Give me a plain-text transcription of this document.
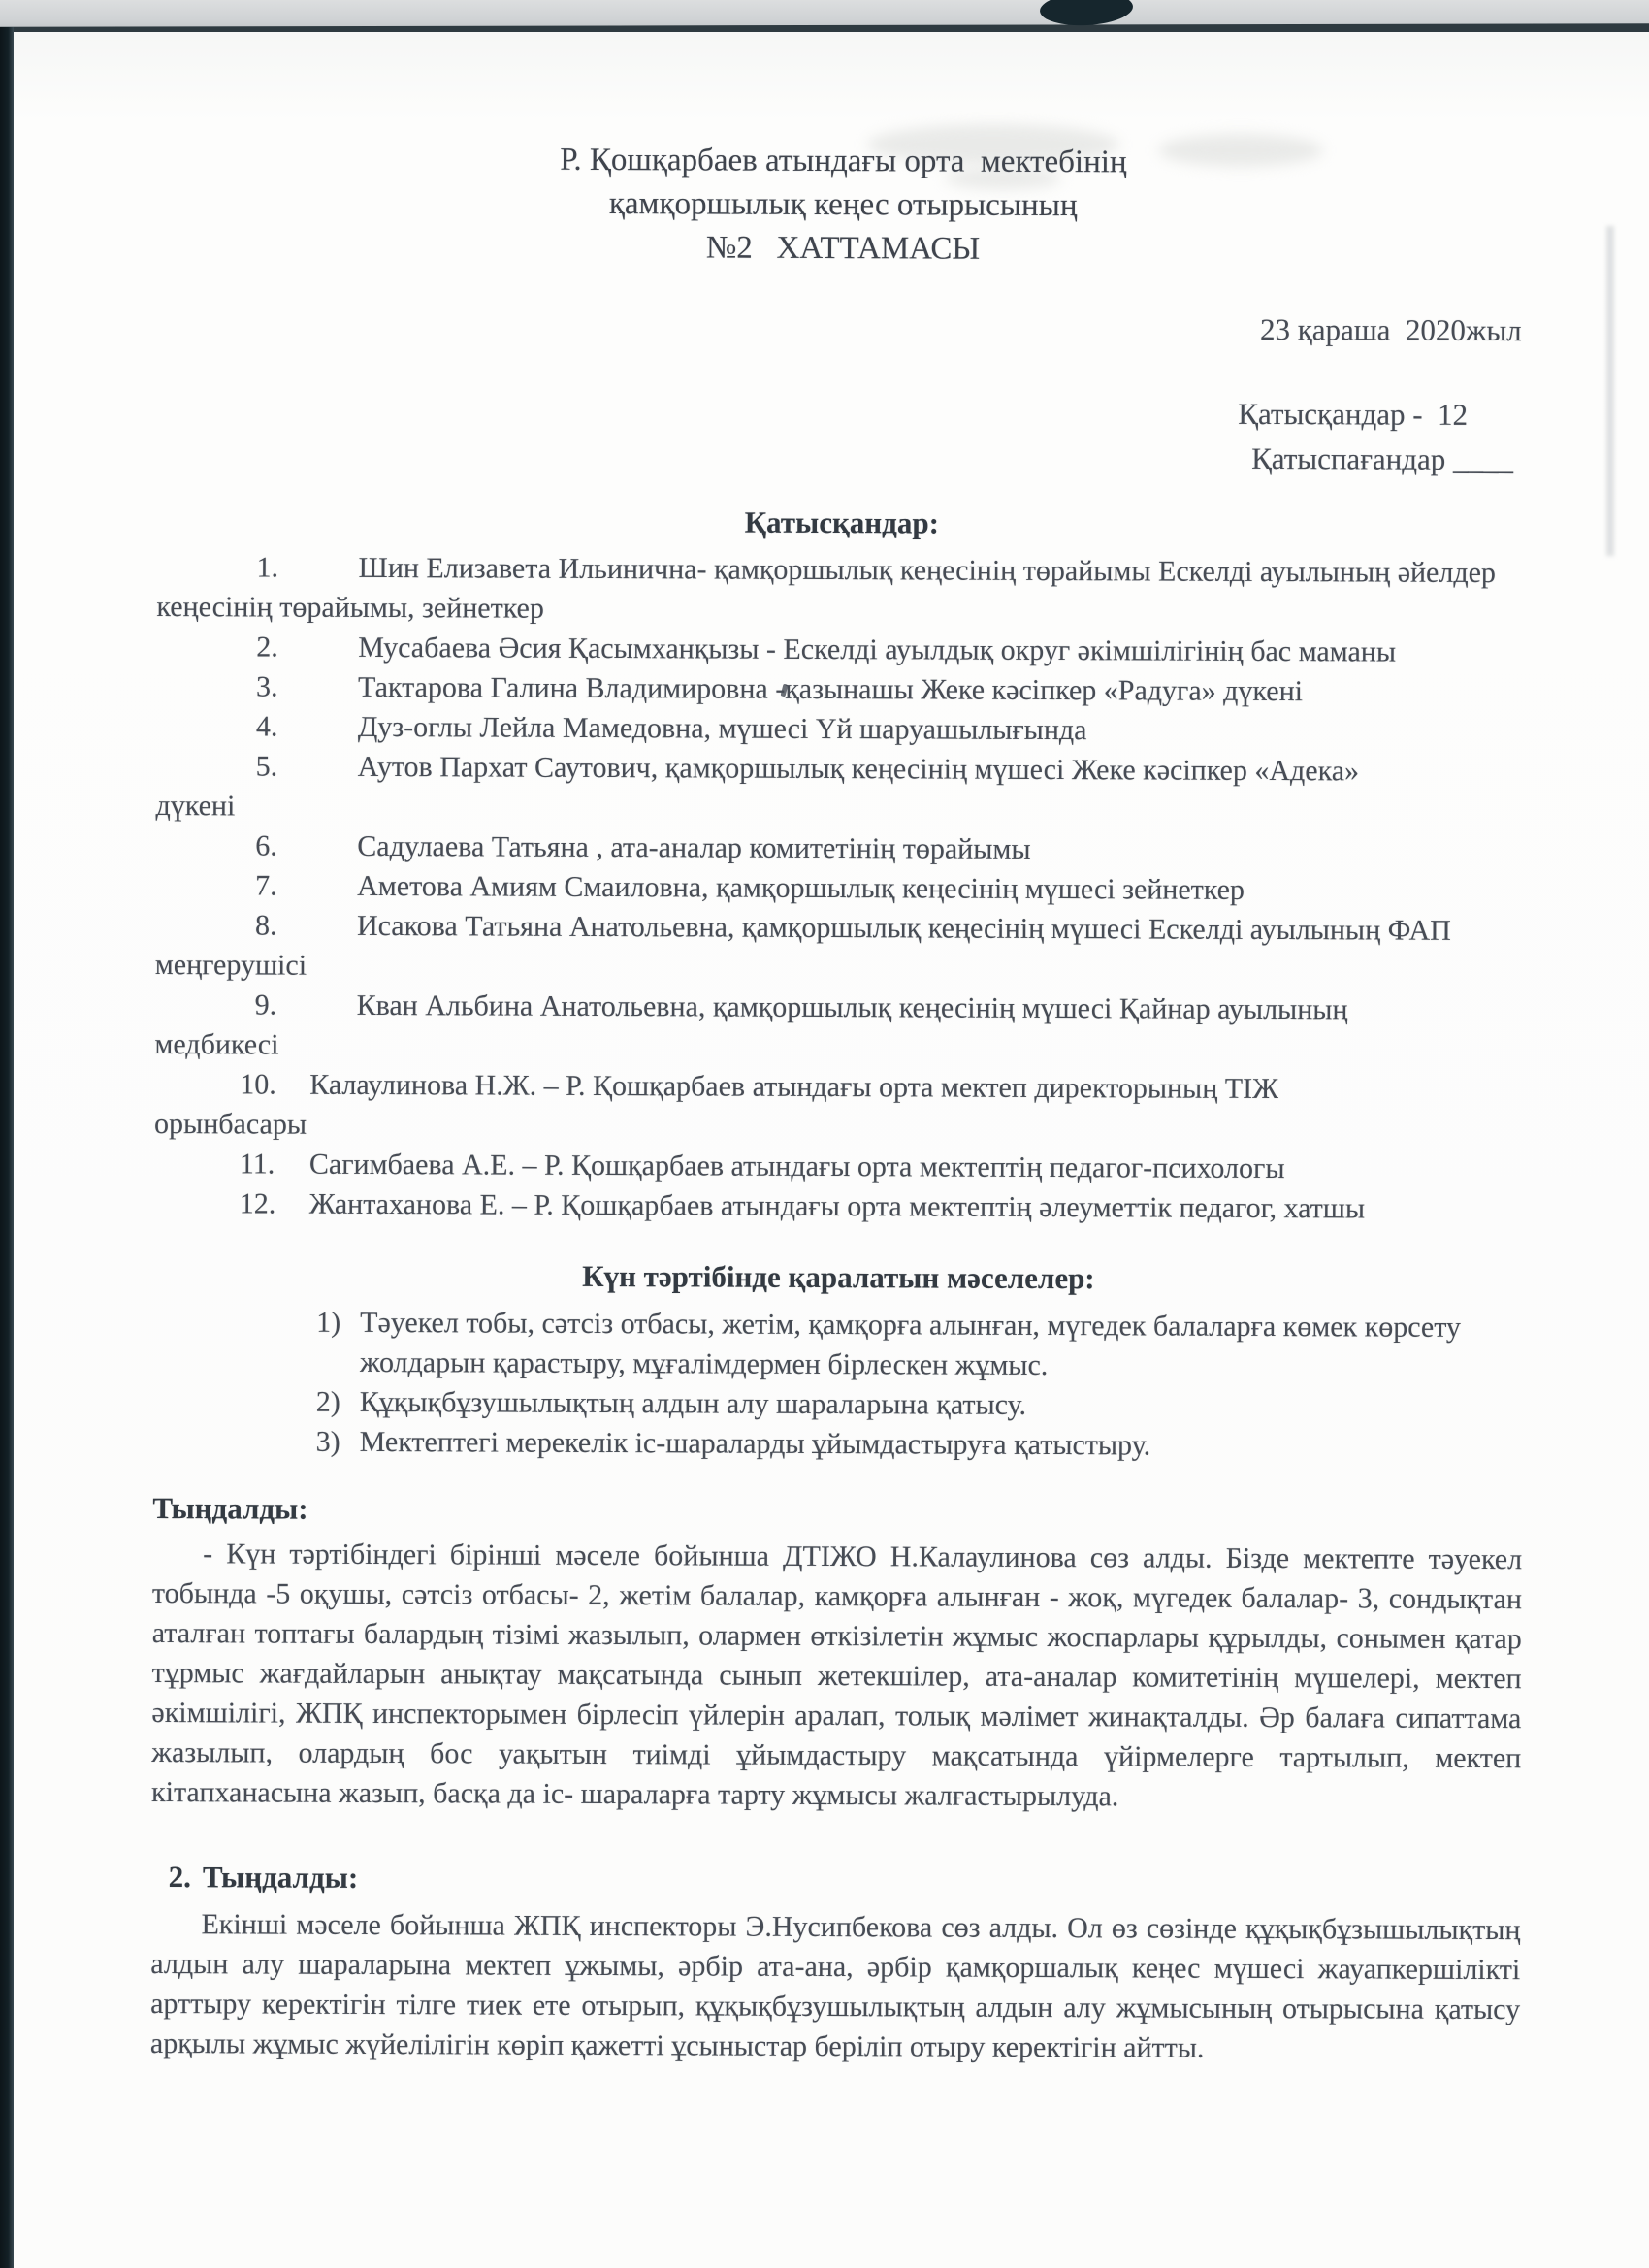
Р. Қошқарбаев атындағы орта  мектебінің
қамқоршылық кеңес отырысының
№2   ХАТТАМАСЫ
23 қараша  2020жыл
Қатысқандар -  12
Қатыспағандар ____
Қатысқандар:
1.	Шин Елизавета Ильинична- қамқоршылық кеңесінің төрайымы Ескелді ауылының әйелдер кеңесінің төрайымы, зейнеткер
2.	Мусабаева Әсия Қасымханқызы - Ескелді ауылдық округ әкімшілігінің бас маманы
3.	Тактарова Галина Владимировна -қазынашы Жеке кәсіпкер «Радуга» дүкені
4.	Дуз-оглы Лейла Мамедовна, мүшесі Үй шаруашылығында
5.	Аутов Пархат Саутович, қамқоршылық кеңесінің мүшесі Жеке кәсіпкер «Адека» дүкені
6.	Садулаева Татьяна , ата-аналар комитетінің төрайымы
7.	Аметова Амиям Смаиловна, қамқоршылық кеңесінің мүшесі зейнеткер
8.	Исакова Татьяна Анатольевна, қамқоршылық кеңесінің мүшесі Ескелді ауылының ФАП меңгерушісі
9.	Кван Альбина Анатольевна, қамқоршылық кеңесінің мүшесі Қайнар ауылының медбикесі
10. Калаулинова Н.Ж. – Р. Қошқарбаев атындағы орта мектеп директорының ТІЖ орынбасары
11. Сагимбаева А.Е. – Р. Қошқарбаев атындағы орта мектептің педагог-психологы
12. Жантаханова Е. – Р. Қошқарбаев атындағы орта мектептің әлеуметтік педагог, хатшы
Күн тәртібінде қаралатын мәселелер:
1) Тәуекел тобы, сәтсіз отбасы, жетім, қамқорға алынған, мүгедек балаларға көмек көрсету жолдарын қарастыру, мұғалімдермен бірлескен жұмыс.
2) Құқықбұзушылықтың алдын алу шараларына қатысу.
3) Мектептегі мерекелік іс-шараларды ұйымдастыруға қатыстыру.
Тыңдалды:
- Күн тәртібіндегі бірінші мәселе бойынша ДТІЖО Н.Калаулинова сөз алды. Бізде мектепте тәуекел тобында -5 оқушы, сәтсіз отбасы- 2, жетім балалар, камқорға алынған - жоқ, мүгедек балалар- 3, сондықтан аталған топтағы балардың тізімі жазылып, олармен өткізілетін жұмыс жоспарлары құрылды, сонымен қатар тұрмыс жағдайларын анықтау мақсатында сынып жетекшілер, ата-аналар комитетінің мүшелері, мектеп әкімшілігі, ЖПҚ инспекторымен бірлесіп үйлерін аралап, толық мәлімет жинақталды. Әр балаға сипаттама жазылып, олардың бос уақытын тиімді ұйымдастыру мақсатында үйірмелерге тартылып, мектеп кітапханасына жазып, басқа да іс- шараларға тарту жұмысы жалғастырылуда.
2. Тыңдалды:
Екінші мәселе бойынша ЖПҚ инспекторы Э.Нусипбекова сөз алды. Ол өз сөзінде құқықбұзышылықтың алдын алу шараларына мектеп ұжымы, әрбір ата-ана, әрбір қамқоршалық кеңес мүшесі жауапкершілікті арттыру керектігін тілге тиек ете отырып, құқықбұзушылықтың алдын алу жұмысының отырысына қатысу арқылы жұмыс жүйелілігін көріп қажетті ұсыныстар беріліп отыру керектігін айтты.
